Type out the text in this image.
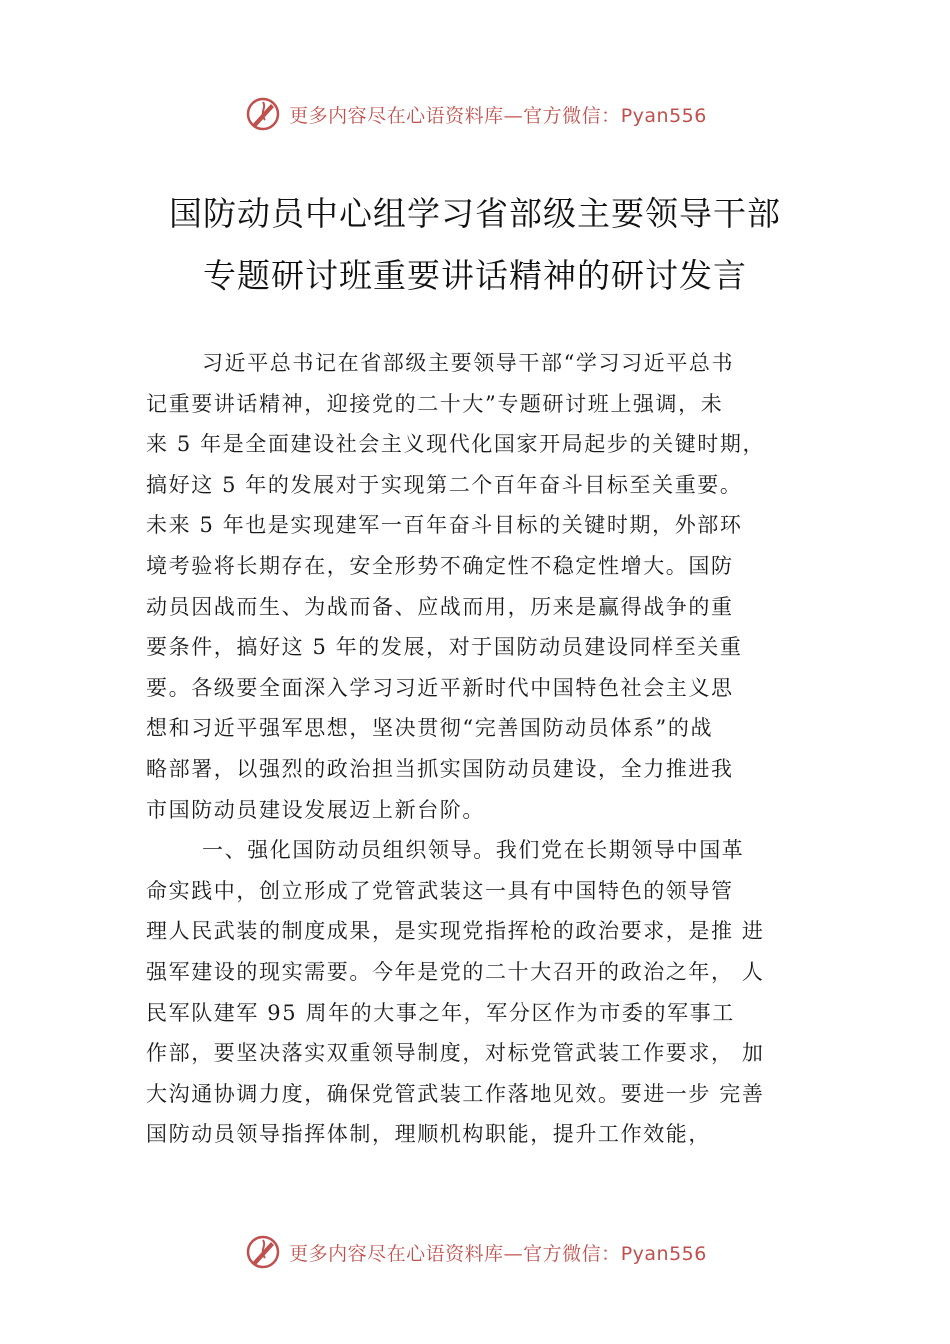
更多内容尽在心语资料库—官方微信：Pyan556
国防动员中心组学习省部级主要领导干部
专题研讨班重要讲话精神的研讨发言
习近平总书记在省部级主要领导干部“学习习近平总书
记重要讲话精神，迎接党的二十大”专题研讨班上强调，未
来 5 年是全面建设社会主义现代化国家开局起步的关键时期，
搞好这 5 年的发展对于实现第二个百年奋斗目标至关重要。
未来 5 年也是实现建军一百年奋斗目标的关键时期，外部环
境考验将长期存在，安全形势不确定性不稳定性增大。国防
动员因战而生、为战而备、应战而用，历来是赢得战争的重
要条件，搞好这 5 年的发展，对于国防动员建设同样至关重
要。各级要全面深入学习习近平新时代中国特色社会主义思
想和习近平强军思想，坚决贯彻“完善国防动员体系”的战
略部署，以强烈的政治担当抓实国防动员建设，全力推进我
市国防动员建设发展迈上新台阶。
一、强化国防动员组织领导。我们党在长期领导中国革
命实践中，创立形成了党管武装这一具有中国特色的领导管
理人民武装的制度成果，是实现党指挥枪的政治要求，是推 进
强军建设的现实需要。今年是党的二十大召开的政治之年， 人
民军队建军 95 周年的大事之年，军分区作为市委的军事工
作部，要坚决落实双重领导制度，对标党管武装工作要求， 加
大沟通协调力度，确保党管武装工作落地见效。要进一步 完善
国防动员领导指挥体制，理顺机构职能，提升工作效能，
更多内容尽在心语资料库—官方微信：Pyan556
